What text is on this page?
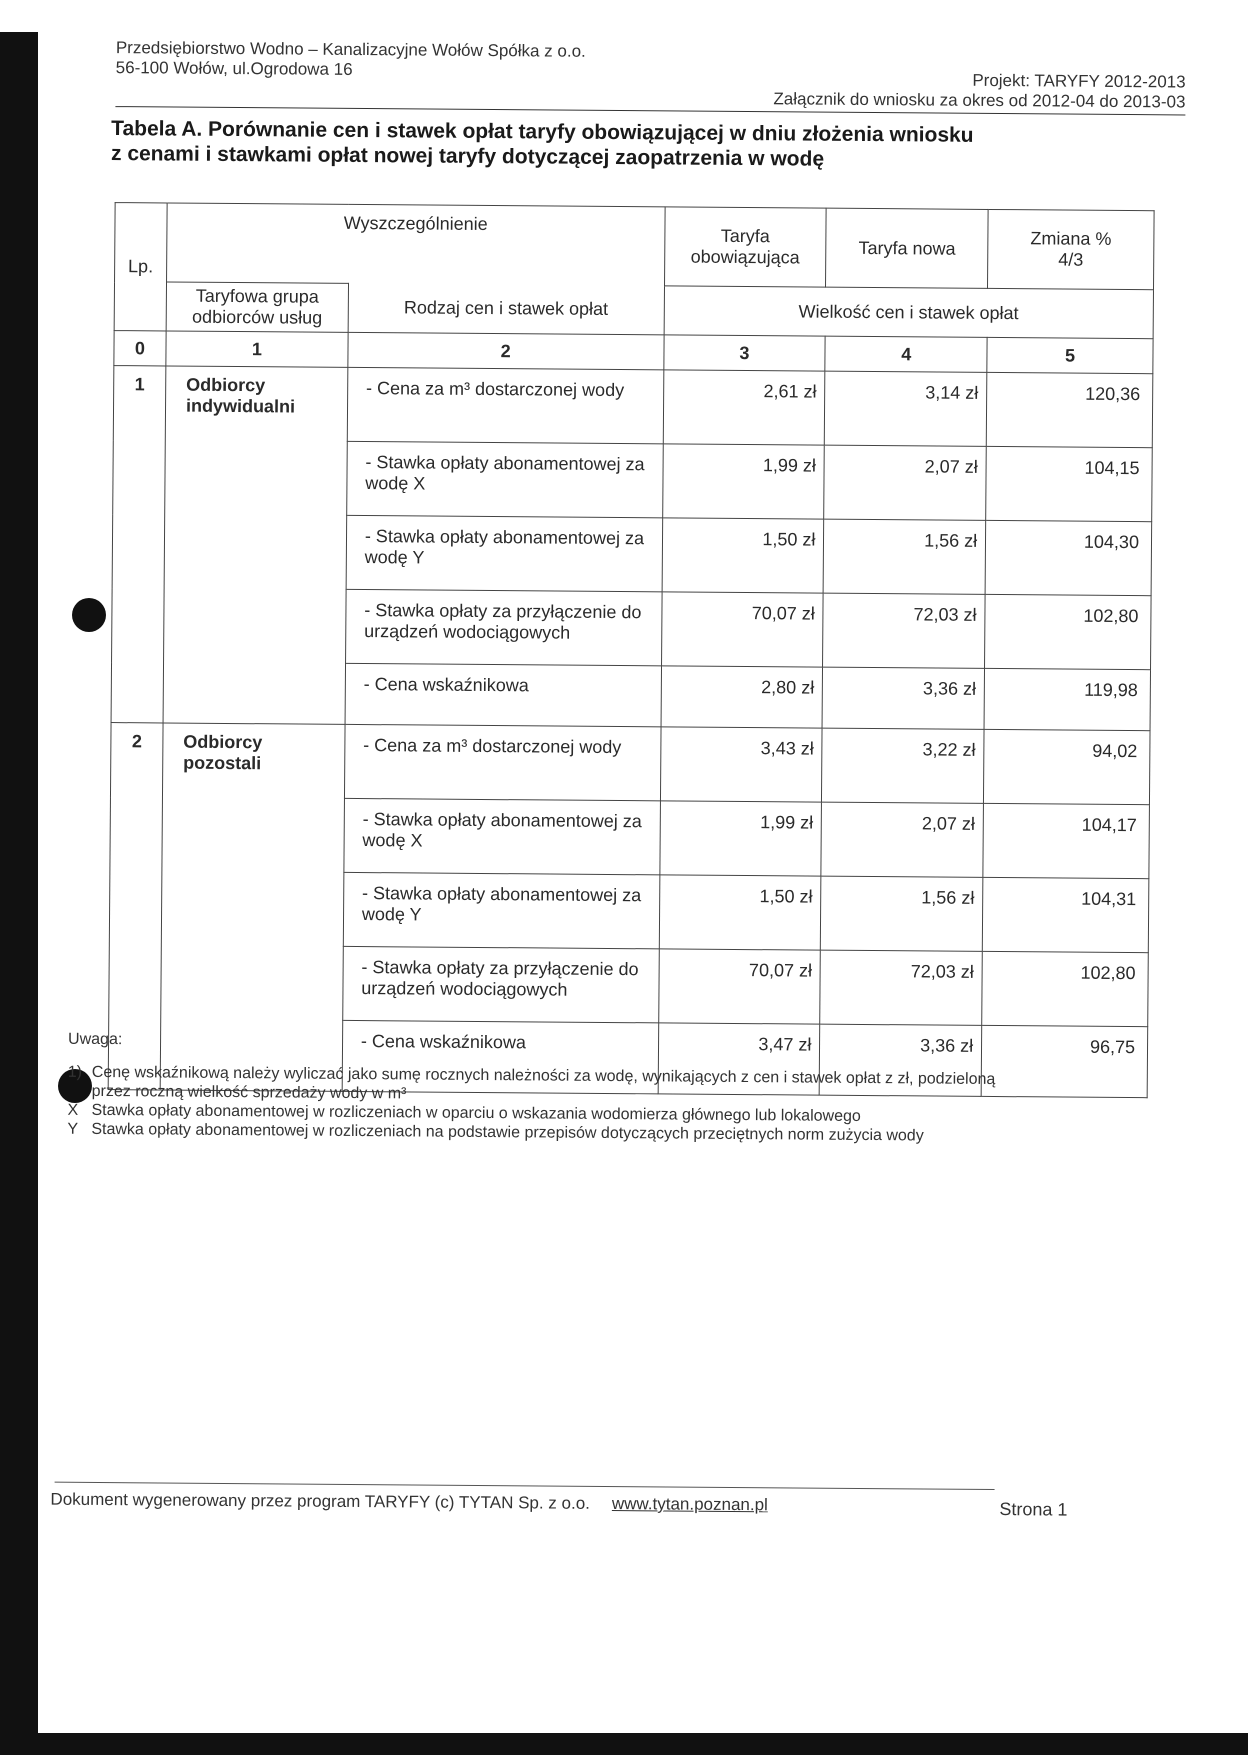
Przedsiębiorstwo Wodno – Kanalizacyjne Wołów Spółka z o.o.
56-100 Wołów, ul.Ogrodowa 16
Projekt: TARYFY 2012-2013
Załącznik do wniosku za okres od 2012-04 do 2013-03
Tabela A. Porównanie cen i stawek opłat taryfy obowiązującej w dniu złożenia wniosku
z cenami i stawkami opłat nowej taryfy dotyczącej zaopatrzenia w wodę
Lp.	Wyszczególnienie		Taryfa obowiązująca	Taryfa nowa	Zmiana %
4/3

	Taryfowa grupa odbiorców usług	Rodzaj cen i stawek opłat	Wielkość cen i stawek opłat		
0	1	2	3	4	5
1	Odbiorcy indywidualni	- Cena za m³ dostarczonej wody	2,61 zł	3,14 zł	120,36
		- Stawka opłaty abonamentowej za wodę X	1,99 zł	2,07 zł	104,15
		- Stawka opłaty abonamentowej za wodę Y	1,50 zł	1,56 zł	104,30
		- Stawka opłaty za przyłączenie do urządzeń wodociągowych	70,07 zł	72,03 zł	102,80
		- Cena wskaźnikowa	2,80 zł	3,36 zł	119,98
2	Odbiorcy pozostali	- Cena za m³ dostarczonej wody	3,43 zł	3,22 zł	94,02
		- Stawka opłaty abonamentowej za wodę X	1,99 zł	2,07 zł	104,17
		- Stawka opłaty abonamentowej za wodę Y	1,50 zł	1,56 zł	104,31
		- Stawka opłaty za przyłączenie do urządzeń wodociągowych	70,07 zł	72,03 zł	102,80
		- Cena wskaźnikowa	3,47 zł	3,36 zł	96,75
Uwaga:
1) Cenę wskaźnikową należy wyliczać jako sumę rocznych należności za wodę, wynikających z cen i stawek opłat z zł, podzieloną przez roczną wielkość sprzedaży wody w m³
X Stawka opłaty abonamentowej w rozliczeniach w oparciu o wskazania wodomierza głównego lub lokalowego
Y Stawka opłaty abonamentowej w rozliczeniach na podstawie przepisów dotyczących przeciętnych norm zużycia wody
Dokument wygenerowany przez program TARYFY (c) TYTAN Sp. z o.o. www.tytan.poznan.pl	Strona 1
